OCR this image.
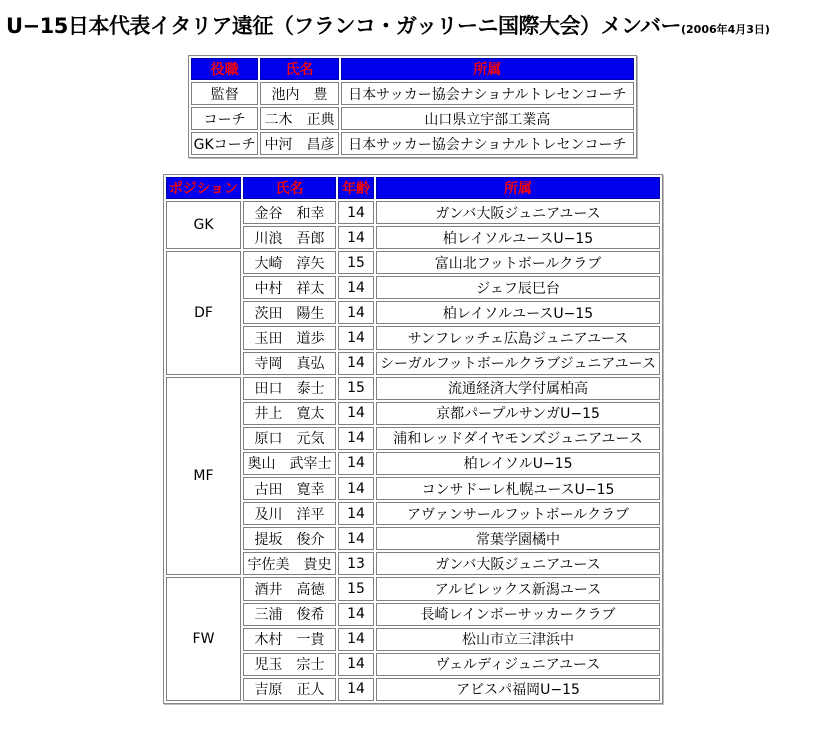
U−15日本代表イタリア遠征（フランコ・ガッリーニ国際大会）メンバー(2006年4月3日)
役職	氏名	所属
監督	池内　豊	日本サッカー協会ナショナルトレセンコーチ
コーチ	二木　正典	山口県立宇部工業高
GKコーチ	中河　昌彦	日本サッカー協会ナショナルトレセンコーチ
ポジション	氏名	年齢	所属
GK	金谷　和幸	14	ガンバ大阪ジュニアユース
	川浪　吾郎	14	柏レイソルユースU−15
DF	大崎　淳矢	15	富山北フットボールクラブ
	中村　祥太	14	ジェフ辰巳台
	茨田　陽生	14	柏レイソルユースU−15
	玉田　道歩	14	サンフレッチェ広島ジュニアユース
	寺岡　真弘	14	シーガルフットボールクラブジュニアユース
MF	田口　泰士	15	流通経済大学付属柏高
	井上　寛太	14	京都パープルサンガU−15
	原口　元気	14	浦和レッドダイヤモンズジュニアユース
	奥山　武宰士	14	柏レイソルU−15
	古田　寛幸	14	コンサドーレ札幌ユースU−15
	及川　洋平	14	アヴァンサールフットボールクラブ
	提坂　俊介	14	常葉学園橘中
	宇佐美　貴史	13	ガンバ大阪ジュニアユース
FW	酒井　高徳	15	アルビレックス新潟ユース
	三浦　俊希	14	長崎レインボーサッカークラブ
	木村　一貴	14	松山市立三津浜中
	児玉　宗士	14	ヴェルディジュニアユース
	吉原　正人	14	アビスパ福岡U−15
